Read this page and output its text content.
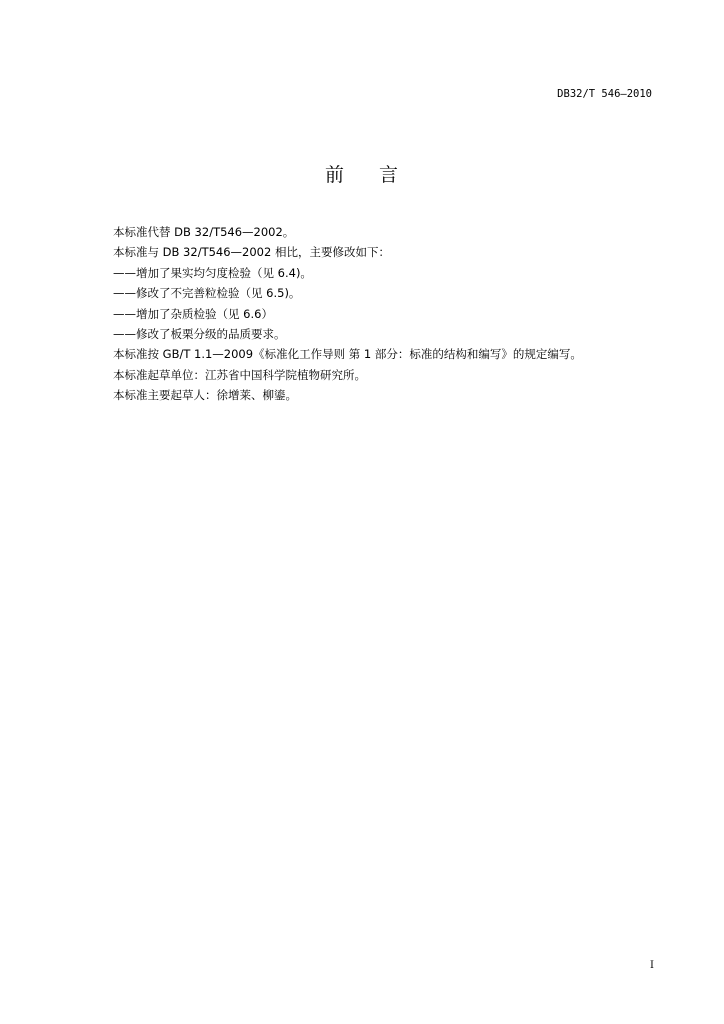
DB32/T 546—2010
前 言
本标准代替 DB 32/T546—2002。
本标准与 DB 32/T546—2002 相比，主要修改如下：
——增加了果实均匀度检验（见 6.4)。
——修改了不完善粒检验（见 6.5)。
——增加了杂质检验（见 6.6）
——修改了板栗分级的品质要求。
本标准按 GB/T 1.1—2009《标准化工作导则 第 1 部分：标准的结构和编写》的规定编写。
本标准起草单位：江苏省中国科学院植物研究所。
本标准主要起草人：徐增莱、柳鎏。
I
